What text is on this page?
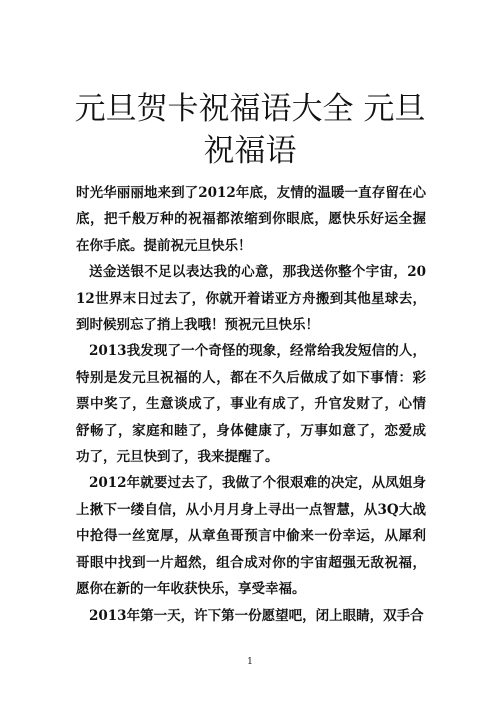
元旦贺卡祝福语大全 元旦祝福语

时光华丽丽地来到了2012年底，友情的温暖一直存留在心底，把千般万种的祝福都浓缩到你眼底，愿快乐好运全握在你手底。提前祝元旦快乐！

送金送银不足以表达我的心意，那我送你整个宇宙，2012世界末日过去了，你就开着诺亚方舟搬到其他星球去，到时候别忘了捎上我哦！预祝元旦快乐！

2013我发现了一个奇怪的现象，经常给我发短信的人，特别是发元旦祝福的人，都在不久后做成了如下事情：彩票中奖了，生意谈成了，事业有成了，升官发财了，心情舒畅了，家庭和睦了，身体健康了，万事如意了，恋爱成功了，元旦快到了，我来提醒了。

2012年就要过去了，我做了个很艰难的决定，从凤姐身上揪下一缕自信，从小月月身上寻出一点智慧，从3Q大战中抢得一丝宽厚，从章鱼哥预言中偷来一份幸运，从犀利哥眼中找到一片超然，组合成对你的宇宙超强无敌祝福，愿你在新的一年收获快乐，享受幸福。

2013年第一天，许下第一份愿望吧，闭上眼睛，双手合

1
